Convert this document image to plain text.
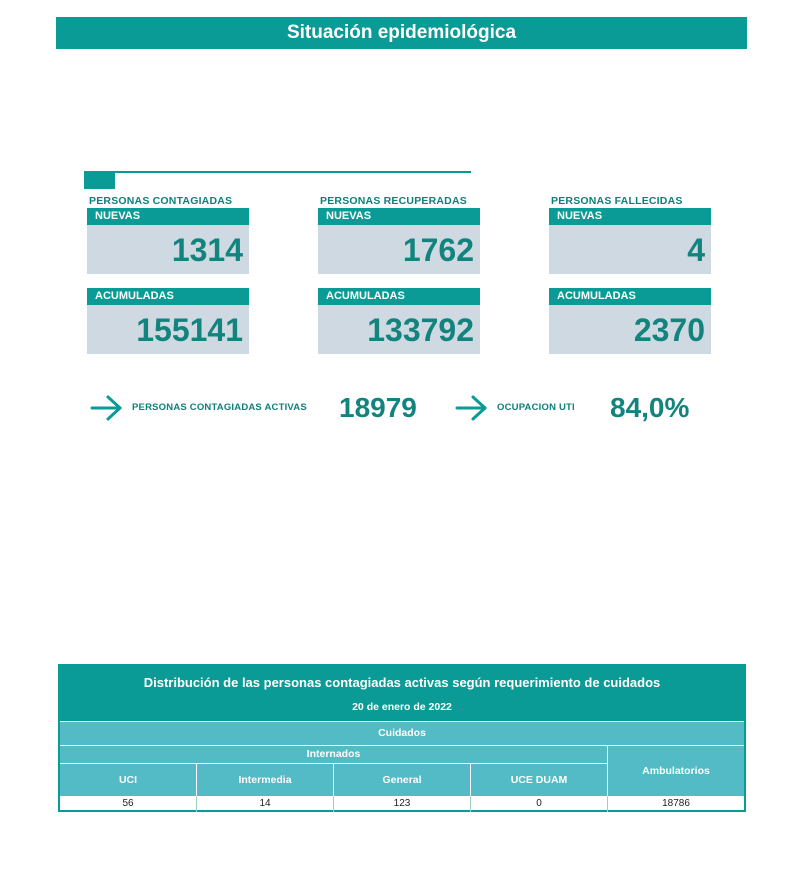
Situación epidemiológica
PERSONAS CONTAGIADAS
NUEVAS
1314
ACUMULADAS
155141
PERSONAS RECUPERADAS
NUEVAS
1762
ACUMULADAS
133792
PERSONAS FALLECIDAS
NUEVAS
4
ACUMULADAS
2370
PERSONAS CONTAGIADAS ACTIVAS 18979	OCUPACION UTI 84,0%
Distribución de las personas contagiadas activas según requerimiento de cuidados
20 de enero de 2022
Cuidados
Internados
UCI	Intermedia	General	UCE DUAM
Ambulatorios
56	14	123	0	18786
